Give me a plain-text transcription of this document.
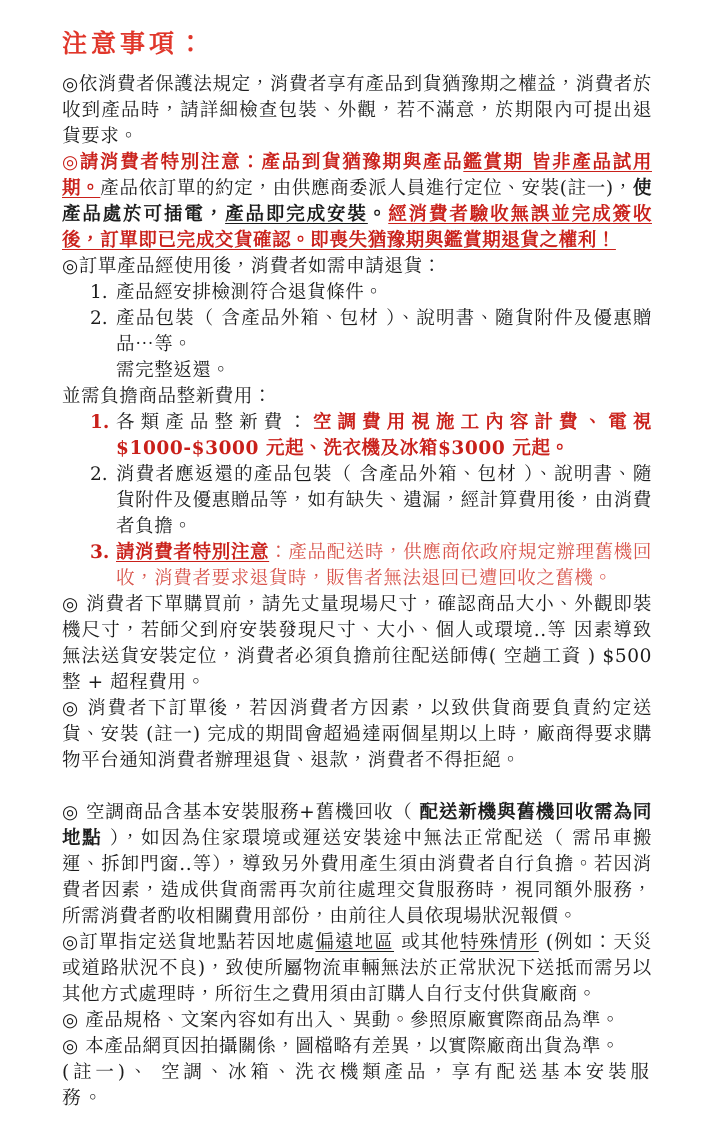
注意事項：

◎依消費者保護法規定，消費者享有產品到貨猶豫期之權益，消費者於收到產品時，請詳細檢查包裝、外觀，若不滿意，於期限內可提出退貨要求。

◎請消費者特別注意：產品到貨猶豫期與產品鑑賞期 皆非產品試用期。產品依訂單的約定，由供應商委派人員進行定位、安裝(註一)，使產品處於可插電，產品即完成安裝。經消費者驗收無誤並完成簽收後，訂單即已完成交貨確認。即喪失猶豫期與鑑賞期退貨之權利！

◎訂單產品經使用後，消費者如需申請退貨：

1. 產品經安排檢測符合退貨條件。
2. 產品包裝（ 含產品外箱、包材 ）、說明書、隨貨附件及優惠贈品⋯等。
需完整返還。

並需負擔商品整新費用：

1. 各類產品整新費：空調費用視施工內容計費、電視$1000-$3000 元起、洗衣機及冰箱$3000 元起。
2. 消費者應返還的產品包裝（ 含產品外箱、包材 ）、說明書、隨貨附件及優惠贈品等，如有缺失、遺漏，經計算費用後，由消費者負擔。
3. 請消費者特別注意：產品配送時，供應商依政府規定辦理舊機回收，消費者要求退貨時，販售者無法退回已遭回收之舊機。

◎ 消費者下單購買前，請先丈量現場尺寸，確認商品大小、外觀即裝機尺寸，若師父到府安裝發現尺寸、大小、個人或環境..等 因素導致無法送貨安裝定位，消費者必須負擔前往配送師傅( 空趟工資 ) $500 整 + 超程費用。

◎ 消費者下訂單後，若因消費者方因素，以致供貨商要負責約定送貨、安裝 (註一) 完成的期間會超過達兩個星期以上時，廠商得要求購物平台通知消費者辦理退貨、退款，消費者不得拒絕。

◎ 空調商品含基本安裝服務+舊機回收（ 配送新機與舊機回收需為同地點 ），如因為住家環境或運送安裝途中無法正常配送（ 需吊車搬運、拆卸門窗..等），導致另外費用產生須由消費者自行負擔。若因消費者因素，造成供貨商需再次前往處理交貨服務時，視同額外服務，所需消費者酌收相關費用部份，由前往人員依現場狀況報價。

◎訂單指定送貨地點若因地處偏遠地區 或其他特殊情形 (例如：天災或道路狀況不良)，致使所屬物流車輛無法於正常狀況下送抵而需另以其他方式處理時，所衍生之費用須由訂購人自行支付供貨廠商。

◎ 產品規格、文案內容如有出入、異動。參照原廠實際商品為準。

◎ 本產品網頁因拍攝關係，圖檔略有差異，以實際廠商出貨為準。

(註一)、 空調、冰箱、洗衣機類產品，享有配送基本安裝服務。
